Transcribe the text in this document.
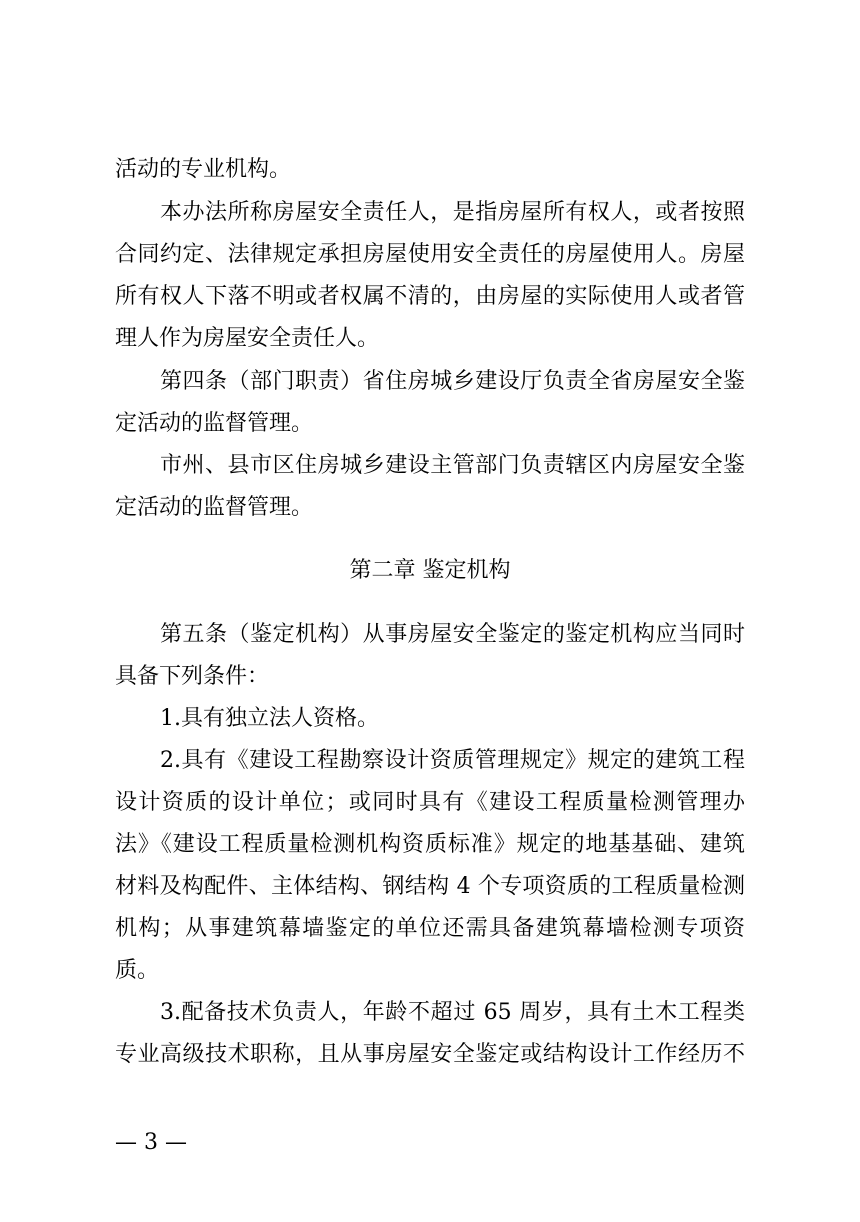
活动的专业机构。
本办法所称房屋安全责任人，是指房屋所有权人，或者按照
合同约定、法律规定承担房屋使用安全责任的房屋使用人。房屋
所有权人下落不明或者权属不清的，由房屋的实际使用人或者管
理人作为房屋安全责任人。
第四条（部门职责）省住房城乡建设厅负责全省房屋安全鉴
定活动的监督管理。
市州、县市区住房城乡建设主管部门负责辖区内房屋安全鉴
定活动的监督管理。
第二章 鉴定机构
第五条（鉴定机构）从事房屋安全鉴定的鉴定机构应当同时
具备下列条件：
1.具有独立法人资格。
2.具有《建设工程勘察设计资质管理规定》规定的建筑工程
设计资质的设计单位；或同时具有《建设工程质量检测管理办
法》《建设工程质量检测机构资质标准》规定的地基基础、建筑
材料及构配件、主体结构、钢结构 4 个专项资质的工程质量检测
机构；从事建筑幕墙鉴定的单位还需具备建筑幕墙检测专项资
质。
3.配备技术负责人，年龄不超过 65 周岁，具有土木工程类
专业高级技术职称，且从事房屋安全鉴定或结构设计工作经历不
— 3 —
